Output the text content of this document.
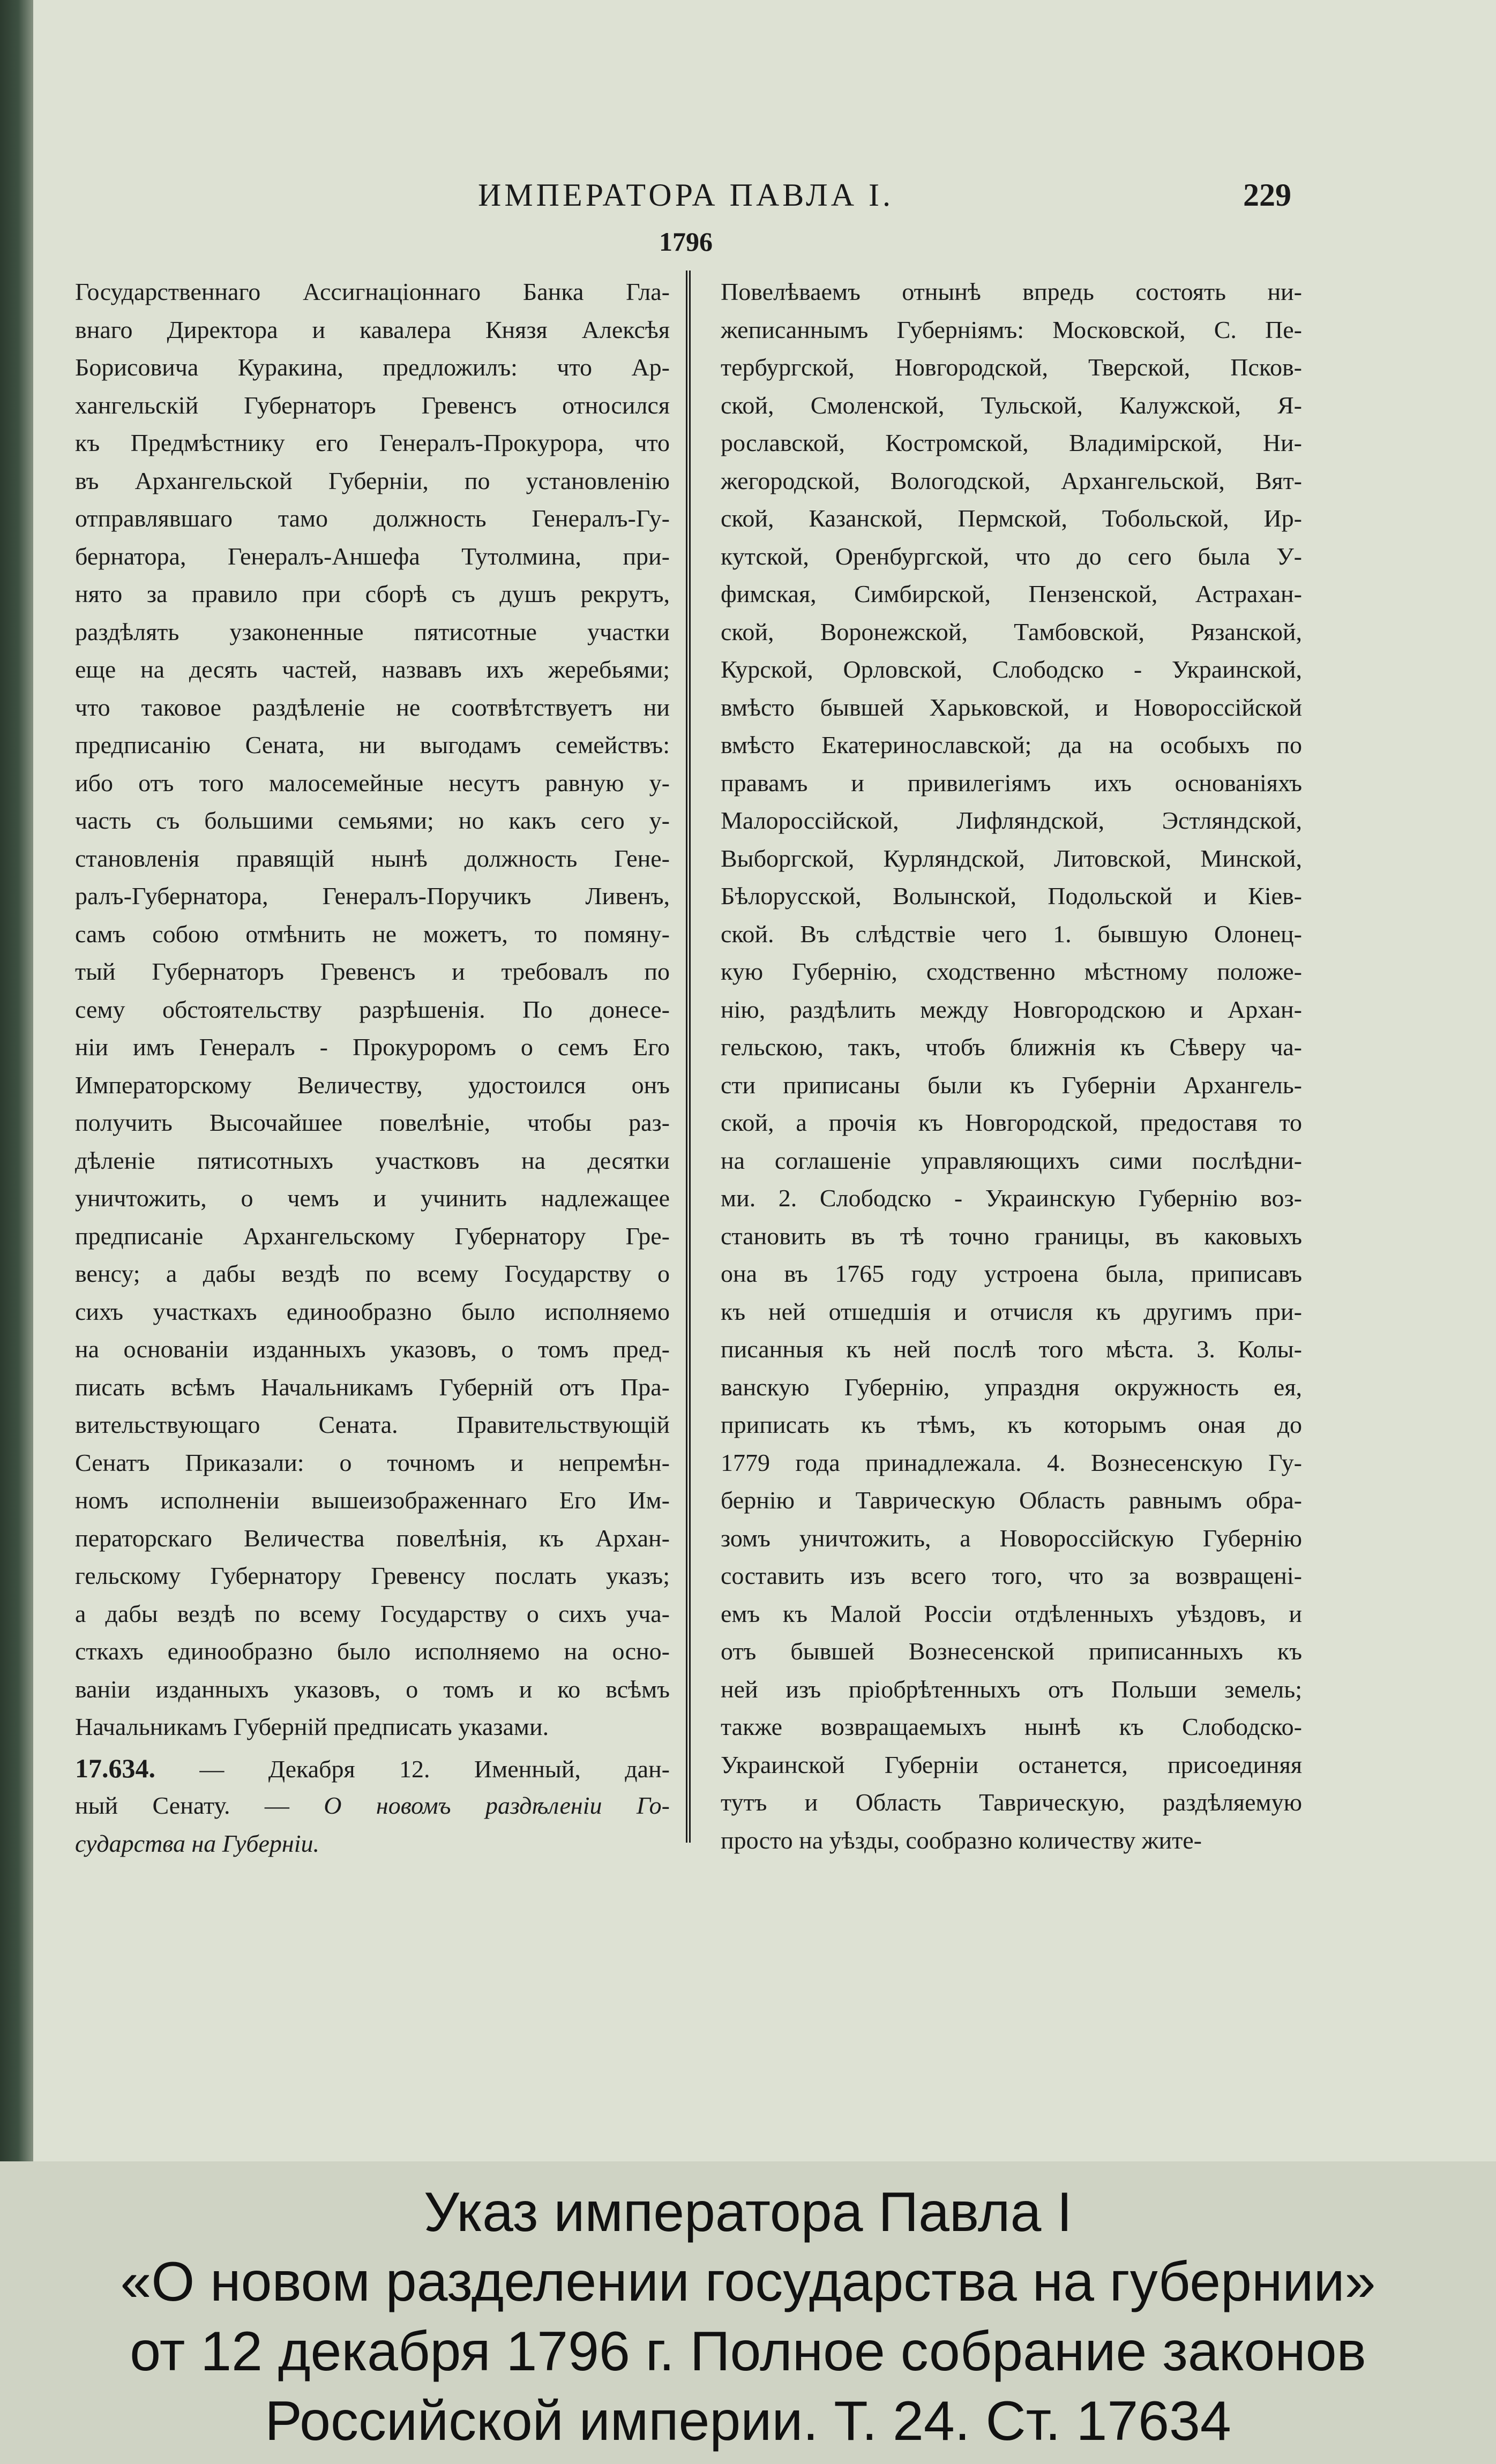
ИМПЕРАТОРА ПАВЛА I.	229
1796
Государственнаго Ассигнаціоннаго Банка Гла-
внаго Директора и кавалера Князя Алексѣя
Борисовича Куракина, предложилъ: что Ар-
хангельскій Губернаторъ Гревенсъ относился
къ Предмѣстнику его Генералъ-Прокурора, что
въ Архангельской Губерніи, по установленію
отправлявшаго тамо должность Генералъ-Гу-
бернатора, Генералъ-Аншефа Тутолмина, при-
нято за правило при сборѣ съ душъ рекрутъ,
раздѣлять узаконенные пятисотные участки
еще на десять частей, назвавъ ихъ жеребьями;
что таковое раздѣленіе не соотвѣтствуетъ ни
предписанію Сената, ни выгодамъ семействъ:
ибо отъ того малосемейные несутъ равную у-
часть съ большими семьями; но какъ сего у-
становленія правящій нынѣ должность Гене-
ралъ-Губернатора, Генералъ-Поручикъ Ливенъ,
самъ собою отмѣнить не можетъ, то помяну-
тый Губернаторъ Гревенсъ и требовалъ по
сему обстоятельству разрѣшенія. По донесе-
ніи имъ Генералъ - Прокуроромъ о семъ Его
Императорскому Величеству, удостоился онъ
получить Высочайшее повелѣніе, чтобы раз-
дѣленіе пятисотныхъ участковъ на десятки
уничтожить, о чемъ и учинить надлежащее
предписаніе Архангельскому Губернатору Гре-
венсу; а дабы вездѣ по всему Государству о
сихъ участкахъ единообразно было исполняемо
на основаніи изданныхъ указовъ, о томъ пред-
писать всѣмъ Начальникамъ Губерній отъ Пра-
вительствующаго Сената. Правительствующій
Сенатъ Приказали: о точномъ и непремѣн-
номъ исполненіи вышеизображеннаго Его Им-
ператорскаго Величества повелѣнія, къ Архан-
гельскому Губернатору Гревенсу послать указъ;
а дабы вездѣ по всему Государству о сихъ уча-
сткахъ единообразно было исполняемо на осно-
ваніи изданныхъ указовъ, о томъ и ко всѣмъ
Начальникамъ Губерній предписать указами.
17.634. — Декабря 12. Именный, дан-
ный Сенату. — О новомъ раздѣленіи Го-
сударства на Губерніи.
Повелѣваемъ отнынѣ впредь состоять ни-
жеписаннымъ Губерніямъ: Московской, С. Пе-
тербургской, Новгородской, Тверской, Псков-
ской, Смоленской, Тульской, Калужской, Я-
рославской, Костромской, Владимірской, Ни-
жегородской, Вологодской, Архангельской, Вят-
ской, Казанской, Пермской, Тобольской, Ир-
кутской, Оренбургской, что до сего была У-
фимская, Симбирской, Пензенской, Астрахан-
ской, Воронежской, Тамбовской, Рязанской,
Курской, Орловской, Слободско - Украинской,
вмѣсто бывшей Харьковской, и Новороссійской
вмѣсто Екатеринославской; да на особыхъ по
правамъ и привилегіямъ ихъ основаніяхъ
Малороссійской, Лифляндской, Эстляндской,
Выборгской, Курляндской, Литовской, Минской,
Бѣлорусской, Волынской, Подольской и Кіев-
ской. Въ слѣдствіе чего 1. бывшую Олонец-
кую Губернію, сходственно мѣстному положе-
нію, раздѣлить между Новгородскою и Архан-
гельскою, такъ, чтобъ ближнія къ Сѣверу ча-
сти приписаны были къ Губерніи Архангель-
ской, а прочія къ Новгородской, предоставя то
на соглашеніе управляющихъ сими послѣдни-
ми. 2. Слободско - Украинскую Губернію воз-
становить въ тѣ точно границы, въ каковыхъ
она въ 1765 году устроена была, приписавъ
къ ней отшедшія и отчисля къ другимъ при-
писанныя къ ней послѣ того мѣста. 3. Колы-
ванскую Губернію, упраздня окружность ея,
приписать къ тѣмъ, къ которымъ оная до
1779 года принадлежала. 4. Вознесенскую Гу-
бернію и Таврическую Область равнымъ обра-
зомъ уничтожить, а Новороссійскую Губернію
составить изъ всего того, что за возвращені-
емъ къ Малой Россіи отдѣленныхъ уѣздовъ, и
отъ бывшей Вознесенской приписанныхъ къ
ней изъ пріобрѣтенныхъ отъ Польши земель;
также возвращаемыхъ нынѣ къ Слободско-
Украинской Губерніи останется, присоединяя
тутъ и Область Таврическую, раздѣляемую
просто на уѣзды, сообразно количеству жите-
Указ императора Павла I
«О новом разделении государства на губернии»
от 12 декабря 1796 г. Полное собрание законов
Российской империи. Т. 24. Ст. 17634
